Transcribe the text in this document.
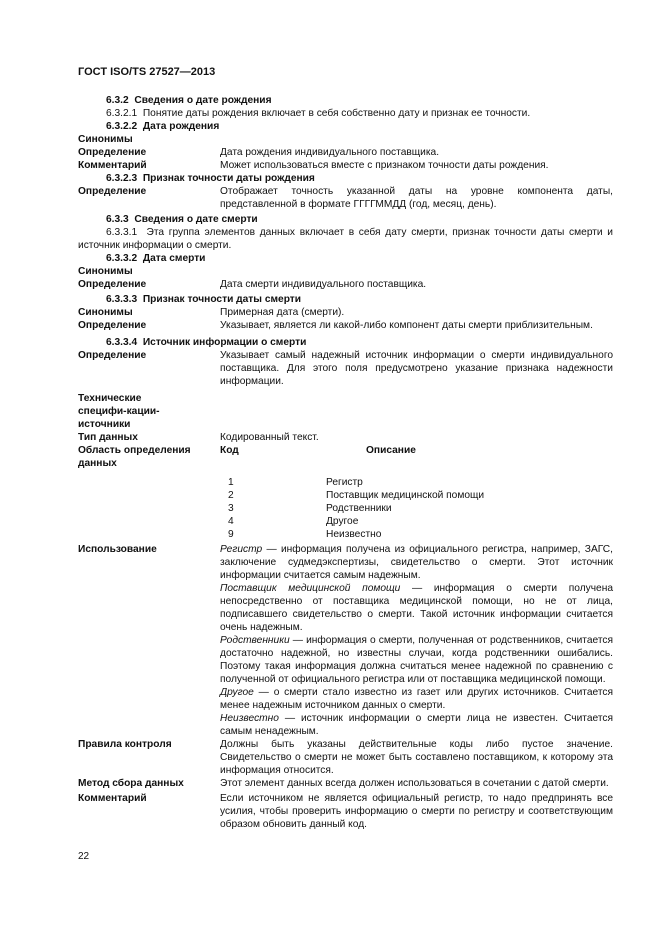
ГОСТ ISO/TS 27527—2013
6.3.2 Сведения о дате рождения
6.3.2.1 Понятие даты рождения включает в себя собственно дату и признак ее точности.
6.3.2.2 Дата рождения
Синонимы
Определение	Дата рождения индивидуального поставщика.
Комментарий	Может использоваться вместе с признаком точности даты рождения.
6.3.2.3 Признак точности даты рождения
Определение	Отображает точность указанной даты на уровне компонента даты, представленной в формате ГГГГММДД (год, месяц, день).
6.3.3 Сведения о дате смерти
6.3.3.1 Эта группа элементов данных включает в себя дату смерти, признак точности даты смерти и источник информации о смерти.
6.3.3.2 Дата смерти
Синонимы
Определение	Дата смерти индивидуального поставщика.
6.3.3.3 Признак точности даты смерти
Синонимы	Примерная дата (смерти).
Определение	Указывает, является ли какой-либо компонент даты смерти приблизительным.
6.3.3.4 Источник информации о смерти
Определение	Указывает самый надежный источник информации о смерти индивидуального поставщика. Для этого поля предусмотрено указание признака надежности информации.
Технические специфи-кации-источники
Тип данных	Кодированный текст.
Область определения данных
Код	Описание
1	Регистр
2	Поставщик медицинской помощи
3	Родственники
4	Другое
9	Неизвестно
Использование	Регистр — информация получена из официального регистра, например, ЗАГС, заключение судмедэкспертизы, свидетельство о смерти. Этот источник информации считается самым надежным.
Поставщик медицинской помощи — информация о смерти получена непосредственно от поставщика медицинской помощи, но не от лица, подписавшего свидетельство о смерти. Такой источник информации считается очень надежным.
Родственники — информация о смерти, полученная от родственников, считается достаточно надежной, но известны случаи, когда родственники ошибались. Поэтому такая информация должна считаться менее надежной по сравнению с полученной от официального регистра или от поставщика медицинской помощи.
Другое — о смерти стало известно из газет или других источников. Считается менее надежным источником данных о смерти.
Неизвестно — источник информации о смерти лица не известен. Считается самым ненадежным.
Правила контроля	Должны быть указаны действительные коды либо пустое значение. Свидетельство о смерти не может быть составлено поставщиком, к которому эта информация относится.
Метод сбора данных	Этот элемент данных всегда должен использоваться в сочетании с датой смерти.
Комментарий	Если источником не является официальный регистр, то надо предпринять все усилия, чтобы проверить информацию о смерти по регистру и соответствующим образом обновить данный код.
22
